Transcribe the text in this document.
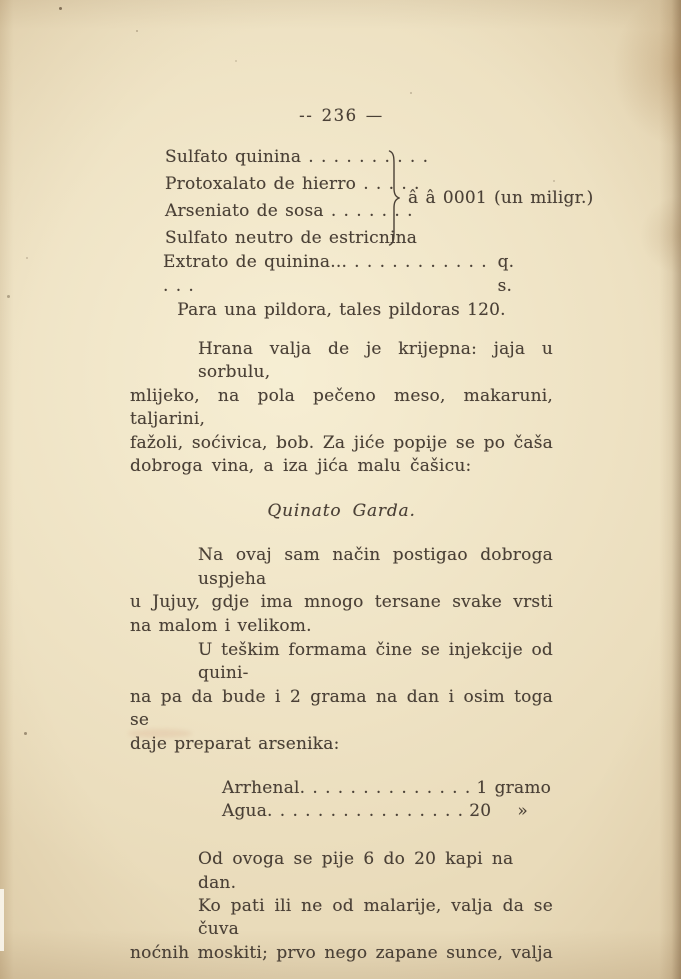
-- 236 —
Sulfato quinina . . . . . . . . . .
Protoxalato de hierro . . . . .
Arseniato de sosa . . . . . . .
Sulfato neutro de estricnina
â â 0001 (un miligr.)
Extrato de quinina... . . . . . . . . . . . . . .
q. s.
Para una pildora, tales pildoras 120.
Hrana valja de je krijepna: jaja u sorbulu,
mlijeko, na pola pečeno meso, makaruni, taljarini,
fažoli, soćivica, bob. Za jiće popije se po čaša
dobroga vina, a iza jića malu čašicu:
Quinato Garda.
Na ovaj sam način postigao dobroga uspjeha
u Jujuy, gdje ima mnogo tersane svake vrsti
na malom i velikom.
U teškim formama čine se injekcije od quini-
na pa da bude i 2 grama na dan i osim toga se
daje preparat arsenika:
Arrhenal. . . . . . . . . . . . . . 1 gramo
Agua. . . . . . . . . . . . . . . . 20 »
Od ovoga se pije 6 do 20 kapi na dan.
Ko pati ili ne od malarije, valja da se čuva
noćnih moskiti; prvo nego zapane sunce, valja
